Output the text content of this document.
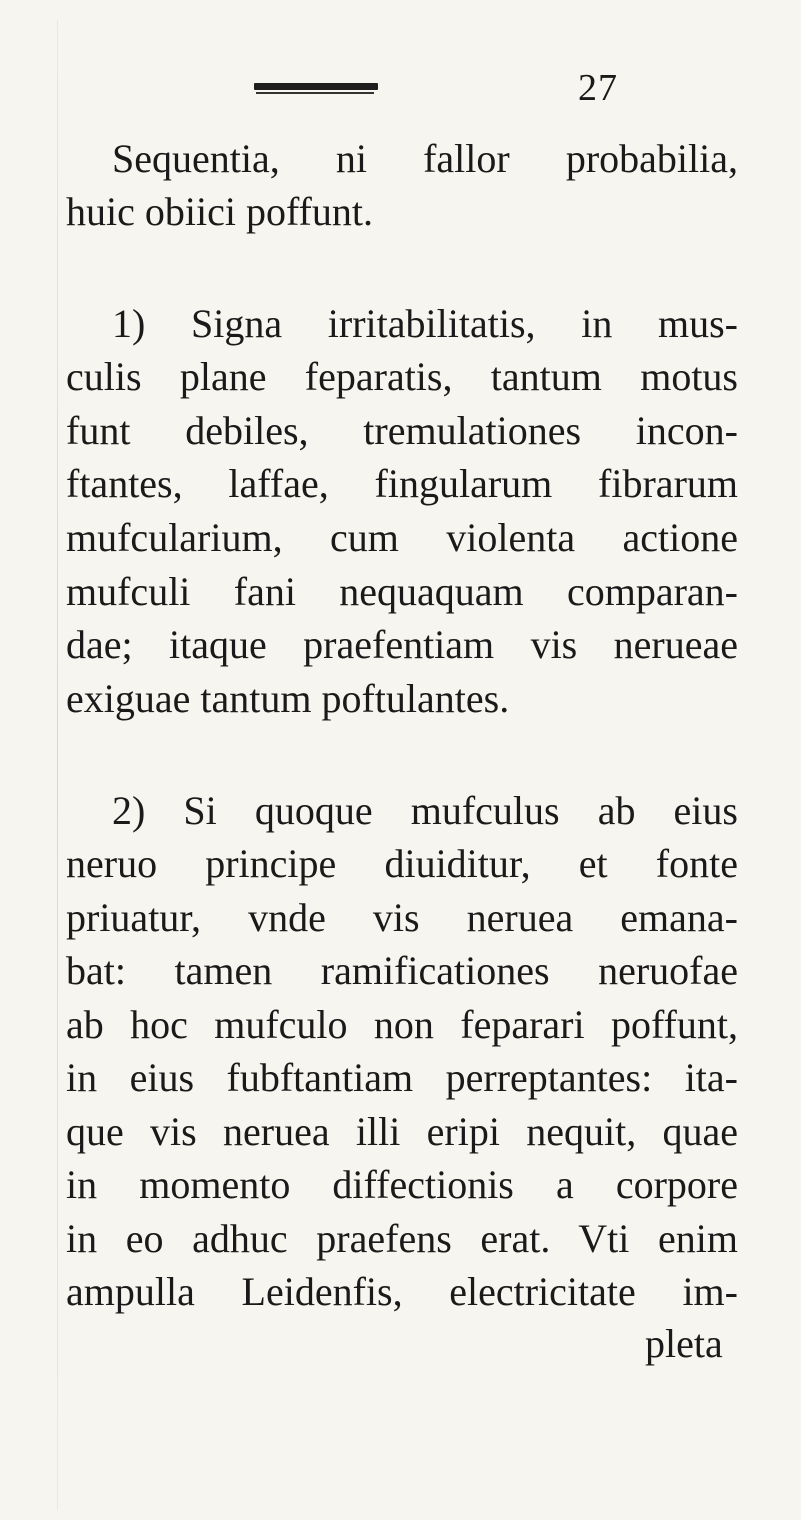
27
Sequentia, ni fallor probabilia,
huic obiici poffunt.
1) Signa irritabilitatis, in mus-
culis plane feparatis, tantum motus
funt debiles, tremulationes incon-
ftantes, laffae, fingularum fibrarum
mufcularium, cum violenta actione
mufculi fani nequaquam comparan-
dae; itaque praefentiam vis nerueae
exiguae tantum poftulantes.
2) Si quoque mufculus ab eius
neruo principe diuiditur, et fonte
priuatur, vnde vis neruea emana-
bat: tamen ramificationes neruofae
ab hoc mufculo non feparari poffunt,
in eius fubftantiam perreptantes: ita-
que vis neruea illi eripi nequit, quae
in momento diffectionis a corpore
in eo adhuc praefens erat. Vti enim
ampulla Leidenfis, electricitate im-
pleta
